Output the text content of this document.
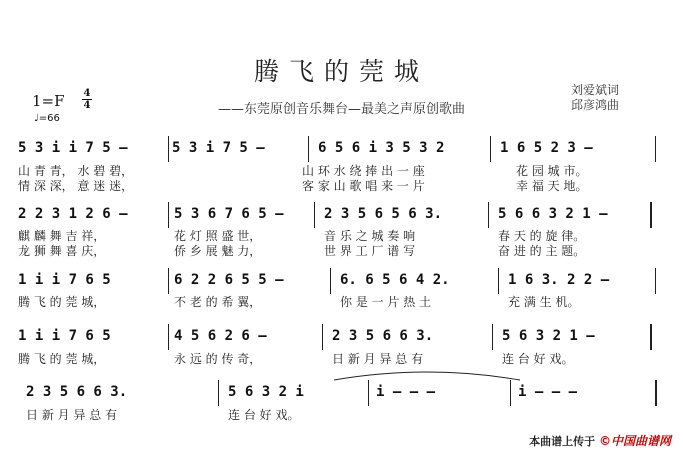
腾飞的莞城
——东莞原创音乐舞台—最美之声原创歌曲
刘爱斌词
邱彦鸿曲
1=F 4
4
♩=66
5 3 i i 7 5 –	5 3 i 7 5 –	6 5 6 i 3 5 3 2	1 6 5 2 3 –
山 青 青， 水 碧 碧，	山 环 水 绕 捧 出 一 座	花 园 城 市。
情 深 深， 意 迷 迷，	客 家 山 歌 唱 来 一 片	幸 福 天 地。
2 2 3 1 2 6 –	5 3 6 7 6 5 –	2 3 5 6 5 6 3.	5 6 6 3 2 1 –
麒 麟 舞 吉 祥，	花 灯 照 盛 世，	音 乐 之 城 奏 响	春 天 的 旋 律。
龙 狮 舞 喜 庆，	侨 乡 展 魅 力，	世 界 工 厂 谱 写	奋 进 的 主 题。
1 i i 7 6 5	6 2 2 6 5 5 –	6. 6 5 6 4 2.	1 6 3. 2 2 –
腾 飞 的 莞 城，	不 老 的 希 翼，	你 是 一 片 热 土	充 满 生 机。
1 i i 7 6 5	4 5 6 2 6 –	2 3 5 6 6 3.	5 6 3 2 1 –
腾 飞 的 莞 城，	永 远 的 传 奇，	日 新 月 异 总 有	连 台 好 戏。
2 3 5 6 6 3.	5 6 3 2 i	i – – –	i – – –
日 新 月 异 总 有	连 台 好 戏。
本曲谱上传于 ©中国曲谱网
